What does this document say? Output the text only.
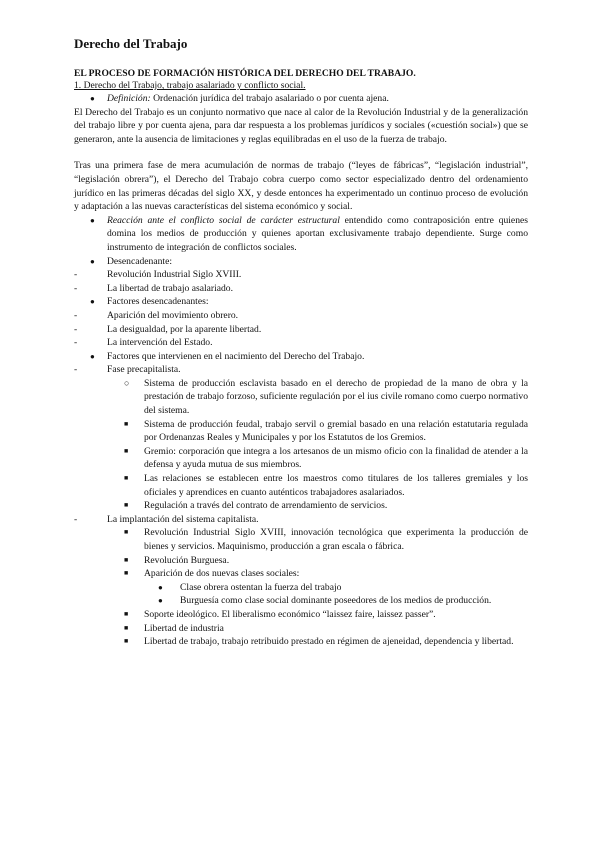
Derecho del Trabajo
EL PROCESO DE FORMACIÓN HISTÓRICA DEL DERECHO DEL TRABAJO.
1. Derecho del Trabajo, trabajo asalariado y conflicto social.
●	Definición: Ordenación jurídica del trabajo asalariado o por cuenta ajena.

El Derecho del Trabajo es un conjunto normativo que nace al calor de la Revolución Industrial y de la generalización del trabajo libre y por cuenta ajena, para dar respuesta a los problemas jurídicos y sociales («cuestión social») que se generaron, ante la ausencia de limitaciones y reglas equilibradas en el uso de la fuerza de trabajo.

Tras una primera fase de mera acumulación de normas de trabajo (“leyes de fábricas”, “legislación industrial”, “legislación obrera”), el Derecho del Trabajo cobra cuerpo como sector especializado dentro del ordenamiento jurídico en las primeras décadas del siglo XX, y desde entonces ha experimentado un continuo proceso de evolución y adaptación a las nuevas características del sistema económico y social.

●	Reacción ante el conflicto social de carácter estructural entendido como contraposición entre quienes domina los medios de producción y quienes aportan exclusivamente trabajo dependiente. Surge como instrumento de integración de conflictos sociales.
●	Desencadenante:
-	Revolución Industrial Siglo XVIII.
-	La libertad de trabajo asalariado.
●	Factores desencadenantes:
-	Aparición del movimiento obrero.
-	La desigualdad, por la aparente libertad.
-	La intervención del Estado.
●	Factores que intervienen en el nacimiento del Derecho del Trabajo.
-	Fase precapitalista.
○	Sistema de producción esclavista basado en el derecho de propiedad de la mano de obra y la prestación de trabajo forzoso, suficiente regulación por el ius civile romano como cuerpo normativo del sistema.
■	Sistema de producción feudal, trabajo servil o gremial basado en una relación estatutaria regulada por Ordenanzas Reales y Municipales y por los Estatutos de los Gremios.
■	Gremio: corporación que integra a los artesanos de un mismo oficio con la finalidad de atender a la defensa y ayuda mutua de sus miembros.
■	Las relaciones se establecen entre los maestros como titulares de los talleres gremiales y los oficiales y aprendices en cuanto auténticos trabajadores asalariados.
■	Regulación a través del contrato de arrendamiento de servicios.
-	La implantación del sistema capitalista.
■	Revolución Industrial Siglo XVIII, innovación tecnológica que experimenta la producción de bienes y servicios. Maquinismo, producción a gran escala o fábrica.
■	Revolución Burguesa.
■	Aparición de dos nuevas clases sociales:
●	Clase obrera ostentan la fuerza del trabajo
●	Burguesía como clase social dominante poseedores de los medios de producción.
■	Soporte ideológico. El liberalismo económico “laissez faire, laissez passer”.
■	Libertad de industria
■	Libertad de trabajo, trabajo retribuido prestado en régimen de ajeneidad, dependencia y libertad.
